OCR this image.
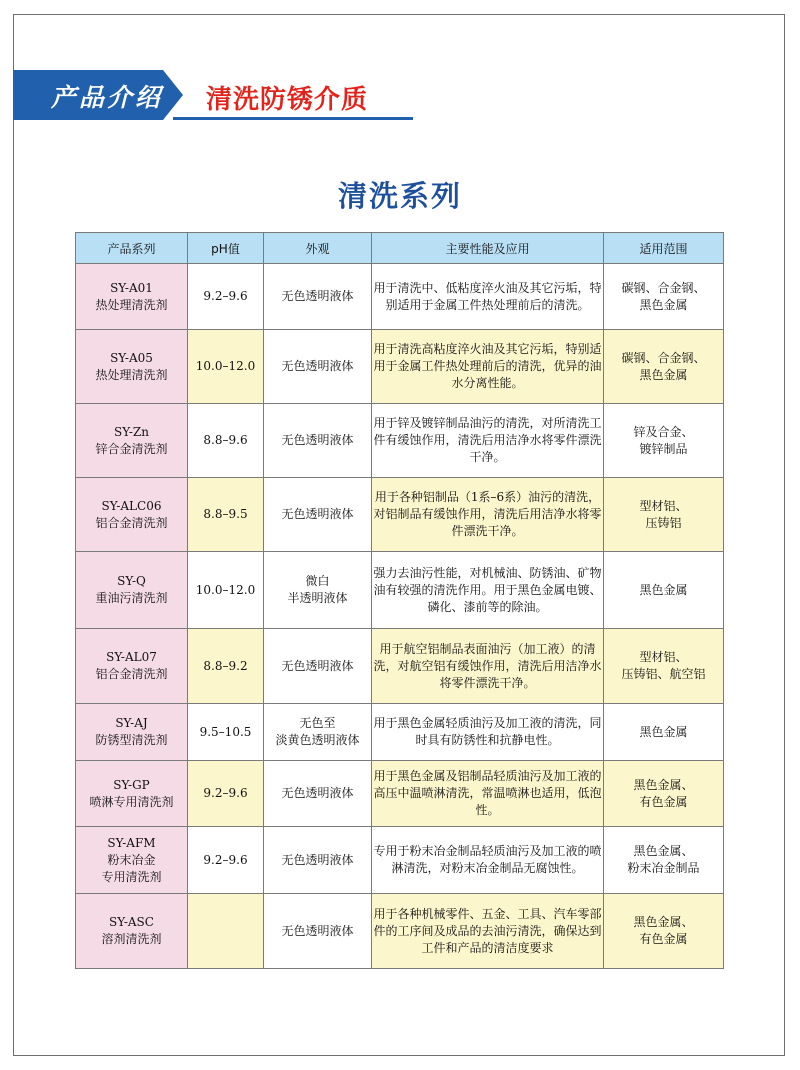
产品介绍 清洗防锈介质
清洗系列
产品系列	pH值	外观	主要性能及应用	适用范围

SY-A01
热处理清洗剂	9.2–9.6	无色透明液体	用于清洗中、低粘度淬火油及其它污垢，特别适用于金属工件热处理前后的清洗。	碳钢、合金钢、
黑色金属

SY-A05
热处理清洗剂	10.0–12.0	无色透明液体	用于清洗高粘度淬火油及其它污垢，特别适用于金属工件热处理前后的清洗，优异的油水分离性能。	碳钢、合金钢、
黑色金属

SY-Zn
锌合金清洗剂	8.8–9.6	无色透明液体	用于锌及镀锌制品油污的清洗，对所清洗工件有缓蚀作用，清洗后用洁净水将零件漂洗干净。	锌及合金、
镀锌制品

SY-ALC06
铝合金清洗剂	8.8–9.5	无色透明液体	用于各种铝制品（1系–6系）油污的清洗，对铝制品有缓蚀作用，清洗后用洁净水将零件漂洗干净。	型材铝、
压铸铝

SY-Q
重油污清洗剂	10.0–12.0	微白
半透明液体	强力去油污性能，对机械油、防锈油、矿物油有较强的清洗作用。用于黑色金属电镀、磷化、漆前等的除油。	黑色金属

SY-AL07
铝合金清洗剂	8.8–9.2	无色透明液体	用于航空铝制品表面油污（加工液）的清洗，对航空铝有缓蚀作用，清洗后用洁净水将零件漂洗干净。	型材铝、
压铸铝、航空铝

SY-AJ
防锈型清洗剂	9.5–10.5	无色至
淡黄色透明液体	用于黑色金属轻质油污及加工液的清洗，同时具有防锈性和抗静电性。	黑色金属

SY-GP
喷淋专用清洗剂	9.2–9.6	无色透明液体	用于黑色金属及铝制品轻质油污及加工液的高压中温喷淋清洗，常温喷淋也适用，低泡性。	黑色金属、
有色金属

SY-AFM
粉末冶金
专用清洗剂	9.2–9.6	无色透明液体	专用于粉末冶金制品轻质油污及加工液的喷淋清洗，对粉末冶金制品无腐蚀性。	黑色金属、
粉末冶金制品

SY-ASC
溶剂清洗剂		无色透明液体	用于各种机械零件、五金、工具、汽车零部件的工序间及成品的去油污清洗，确保达到工件和产品的清洁度要求	黑色金属、
有色金属
